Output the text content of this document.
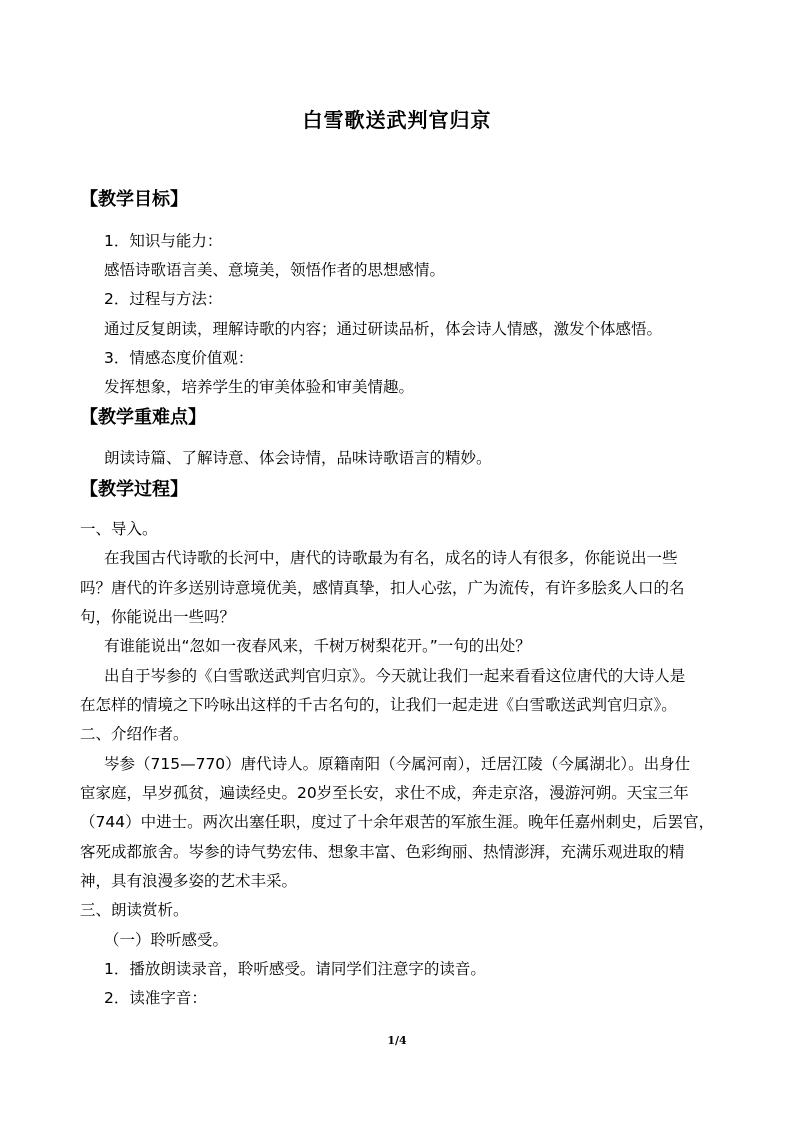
白雪歌送武判官归京
【教学目标】
1．知识与能力：
感悟诗歌语言美、意境美，领悟作者的思想感情。
2．过程与方法：
通过反复朗读，理解诗歌的内容；通过研读品析，体会诗人情感，激发个体感悟。
3．情感态度价值观：
发挥想象，培养学生的审美体验和审美情趣。
【教学重难点】
朗读诗篇、了解诗意、体会诗情，品味诗歌语言的精妙。
【教学过程】
一、导入。
在我国古代诗歌的长河中，唐代的诗歌最为有名，成名的诗人有很多，你能说出一些
吗？唐代的许多送别诗意境优美，感情真挚，扣人心弦，广为流传，有许多脍炙人口的名
句，你能说出一些吗？
有谁能说出“忽如一夜春风来，千树万树梨花开。”一句的出处？
出自于岑参的《白雪歌送武判官归京》。今天就让我们一起来看看这位唐代的大诗人是
在怎样的情境之下吟咏出这样的千古名句的，让我们一起走进《白雪歌送武判官归京》。
二、介绍作者。
岑参（715—770）唐代诗人。原籍南阳（今属河南），迁居江陵（今属湖北）。出身仕
宦家庭，早岁孤贫，遍读经史。20岁至长安，求仕不成，奔走京洛，漫游河朔。天宝三年
（744）中进士。两次出塞任职，度过了十余年艰苦的军旅生涯。晚年任嘉州刺史，后罢官，
客死成都旅舍。岑参的诗气势宏伟、想象丰富、色彩绚丽、热情澎湃，充满乐观进取的精
神，具有浪漫多姿的艺术丰采。
三、朗读赏析。
（一）聆听感受。
1．播放朗读录音，聆听感受。请同学们注意字的读音。
2．读准字音：
1/4
